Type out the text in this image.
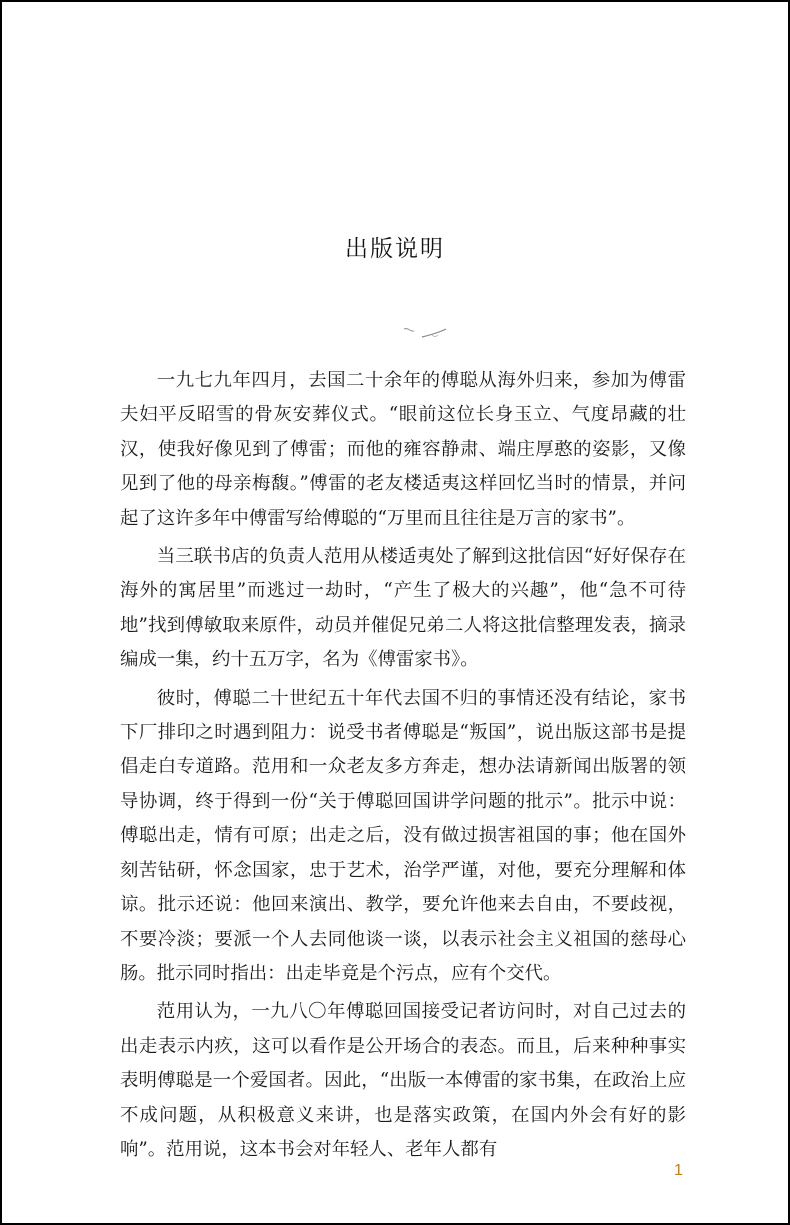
出版说明

一九七九年四月，去国二十余年的傅聪从海外归来，参加为傅雷夫妇平反昭雪的骨灰安葬仪式。“眼前这位长身玉立、气度昂藏的壮汉，使我好像见到了傅雷；而他的雍容静肃、端庄厚憨的姿影，又像见到了他的母亲梅馥。”傅雷的老友楼适夷这样回忆当时的情景，并问起了这许多年中傅雷写给傅聪的“万里而且往往是万言的家书”。

当三联书店的负责人范用从楼适夷处了解到这批信因“好好保存在海外的寓居里”而逃过一劫时，“产生了极大的兴趣”，他“急不可待地”找到傅敏取来原件，动员并催促兄弟二人将这批信整理发表，摘录编成一集，约十五万字，名为《傅雷家书》。

彼时，傅聪二十世纪五十年代去国不归的事情还没有结论，家书下厂排印之时遇到阻力：说受书者傅聪是“叛国”，说出版这部书是提倡走白专道路。范用和一众老友多方奔走，想办法请新闻出版署的领导协调，终于得到一份“关于傅聪回国讲学问题的批示”。批示中说：傅聪出走，情有可原；出走之后，没有做过损害祖国的事；他在国外刻苦钻研，怀念国家，忠于艺术，治学严谨，对他，要充分理解和体谅。批示还说：他回来演出、教学，要允许他来去自由，不要歧视，不要冷淡；要派一个人去同他谈一谈，以表示社会主义祖国的慈母心肠。批示同时指出：出走毕竟是个污点，应有个交代。

范用认为，一九八〇年傅聪回国接受记者访问时，对自己过去的出走表示内疚，这可以看作是公开场合的表态。而且，后来种种事实表明傅聪是一个爱国者。因此，“出版一本傅雷的家书集，在政治上应不成问题，从积极意义来讲，也是落实政策，在国内外会有好的影响”。范用说，这本书会对年轻人、老年人都有

1
